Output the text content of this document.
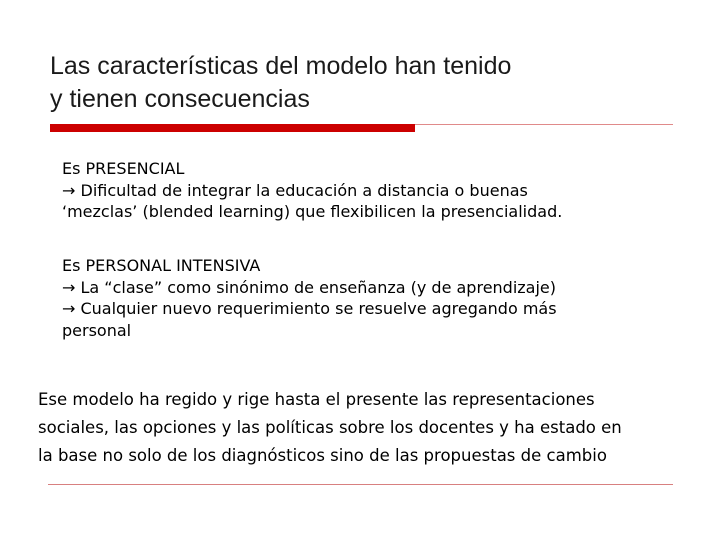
Las características del modelo han tenido
y tienen consecuencias
Es PRESENCIAL
→ Dificultad de integrar la educación a distancia o buenas
‘mezclas’ (blended learning) que flexibilicen la presencialidad.
Es PERSONAL INTENSIVA
→ La “clase” como sinónimo de enseñanza (y de aprendizaje)
→ Cualquier nuevo requerimiento se resuelve agregando más
personal
Ese modelo ha regido y rige hasta el presente las representaciones
sociales, las opciones y las políticas sobre los docentes y ha estado en
la base no solo de los diagnósticos sino de las propuestas de cambio
